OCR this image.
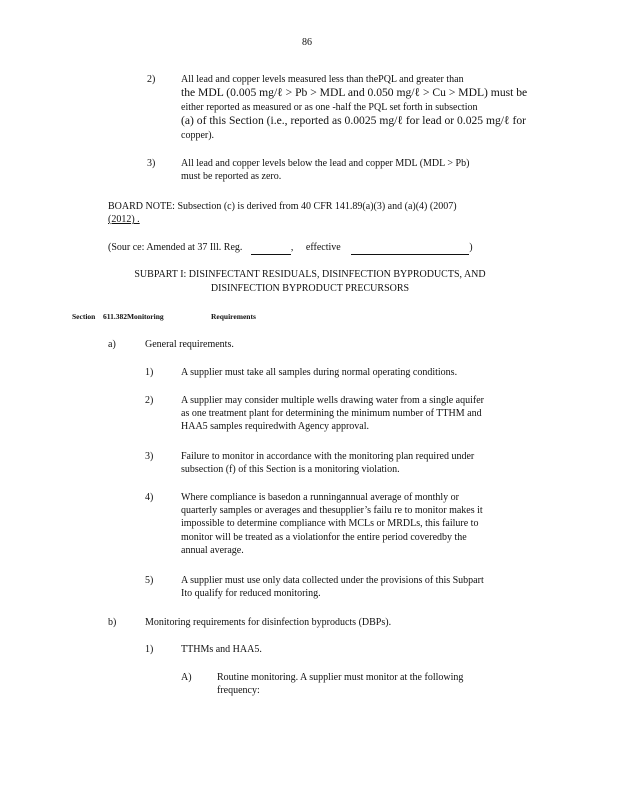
86
2)	All lead and copper levels measured less than thePQL and greater than
the MDL (0.005 mg/ℓ > Pb > MDL and 0.050 mg/ℓ > Cu > MDL) must be
either reported as measured or as one -half the PQL set forth in subsection
(a) of this Section (i.e., reported as 0.0025 mg/ℓ for lead or 0.025 mg/ℓ for
copper).
3)	All lead and copper levels below the lead and copper MDL (MDL > Pb)
must be reported as zero.
BOARD NOTE: Subsection (c) is derived from 40 CFR 141.89(a)(3) and (a)(4) (2007)
(2012) .
(Sour ce: Amended at 37 Ill. Reg.	, effective	)
SUBPART I: DISINFECTANT RESIDUALS, DISINFECTION BYPRODUCTS, AND
DISINFECTION BYPRODUCT PRECURSORS
Section 611.382Monitoring	Requirements
a)	General requirements.
1)	A supplier must take all samples during normal operating conditions.
2)	A supplier may consider multiple wells drawing water from a single aquifer
as one treatment plant for determining the minimum number of TTHM and
HAA5 samples requiredwith Agency approval.
3)	Failure to monitor in accordance with the monitoring plan required under
subsection (f) of this Section is a monitoring violation.
4)	Where compliance is basedon a runningannual average of monthly or
quarterly samples or averages and thesupplier’s failu re to monitor makes it
impossible to determine compliance with MCLs or MRDLs, this failure to
monitor will be treated as a violationfor the entire period coveredby the
annual average.
5)	A supplier must use only data collected under the provisions of this Subpart
Ito qualify for reduced monitoring.
b)	Monitoring requirements for disinfection byproducts (DBPs).
1)	TTHMs and HAA5.
A)	Routine monitoring. A supplier must monitor at the following
frequency:
